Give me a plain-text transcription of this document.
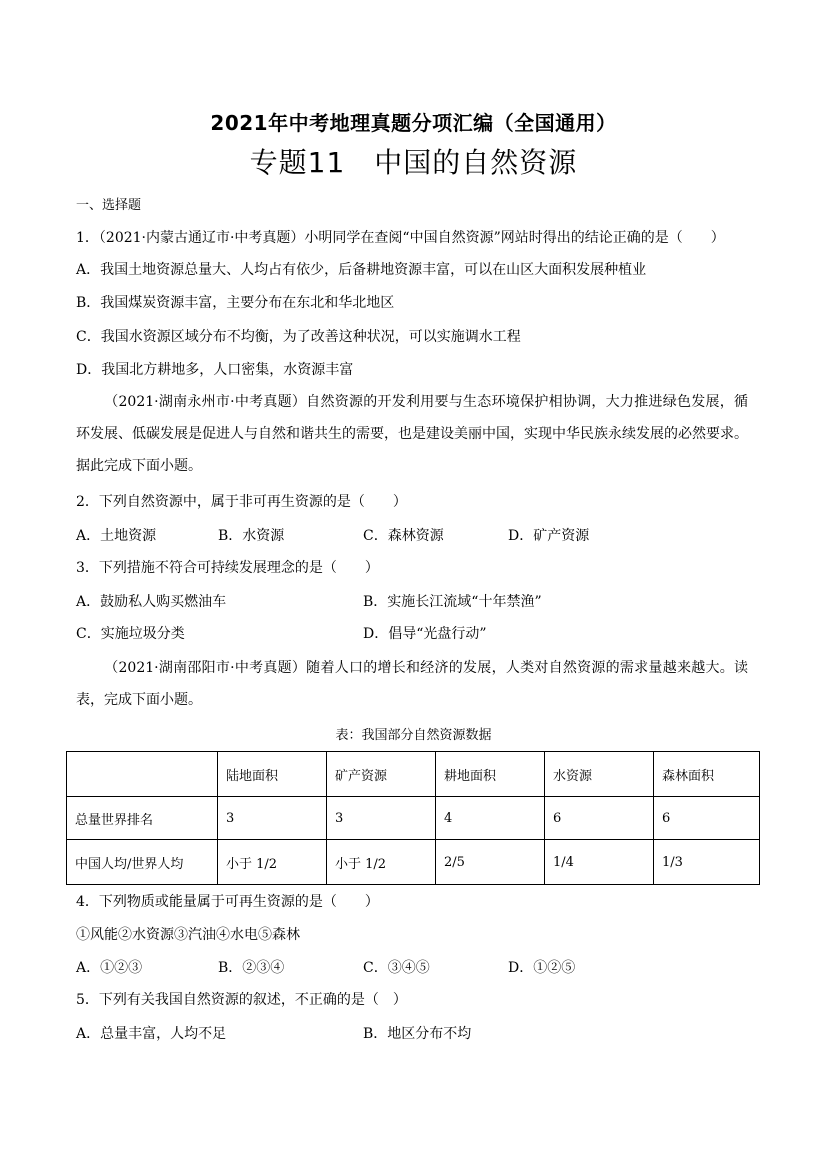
2021年中考地理真题分项汇编（全国通用）
专题11　中国的自然资源
一、选择题
1．（2021·内蒙古通辽市·中考真题）小明同学在查阅“中国自然资源”网站时得出的结论正确的是（　　）
A．我国土地资源总量大、人均占有依少，后备耕地资源丰富，可以在山区大面积发展种植业
B．我国煤炭资源丰富，主要分布在东北和华北地区
C．我国水资源区域分布不均衡，为了改善这种状况，可以实施调水工程
D．我国北方耕地多，人口密集，水资源丰富
（2021·湖南永州市·中考真题）自然资源的开发利用要与生态环境保护相协调，大力推进绿色发展，循环发展、低碳发展是促进人与自然和谐共生的需要，也是建设美丽中国，实现中华民族永续发展的必然要求。据此完成下面小题。
2．下列自然资源中，属于非可再生资源的是（　　）
A．土地资源	B．水资源	C．森林资源	D．矿产资源
3．下列措施不符合可持续发展理念的是（　　）
A．鼓励私人购买燃油车	B．实施长江流域“十年禁渔”
C．实施垃圾分类	D．倡导“光盘行动”
（2021·湖南邵阳市·中考真题）随着人口的增长和经济的发展，人类对自然资源的需求量越来越大。读表，完成下面小题。
表：我国部分自然资源数据
	陆地面积	矿产资源	耕地面积	水资源	森林面积
总量世界排名	3	3	4	6	6
中国人均/世界人均	小于 1/2	小于 1/2	2/5	1/4	1/3
4．下列物质或能量属于可再生资源的是（　　）
①风能②水资源③汽油④水电⑤森林
A．①②③	B．②③④	C．③④⑤	D．①②⑤
5．下列有关我国自然资源的叙述，不正确的是（　）
A．总量丰富，人均不足	B．地区分布不均
